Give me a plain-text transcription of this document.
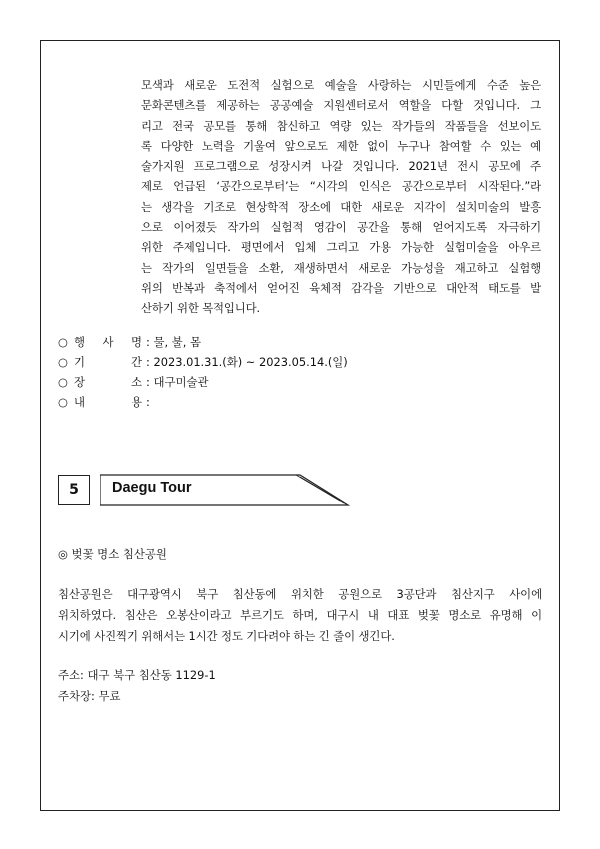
모색과 새로운 도전적 실험으로 예술을 사랑하는 시민들에게 수준 높은
문화콘텐츠를 제공하는 공공예술 지원센터로서 역할을 다할 것입니다. 그
리고 전국 공모를 통해 참신하고 역량 있는 작가들의 작품들을 선보이도
록 다양한 노력을 기울여 앞으로도 제한 없이 누구나 참여할 수 있는 예
술가지원 프로그램으로 성장시켜 나갈 것입니다. 2021년 전시 공모에 주
제로 언급된 ‘공간으로부터’는 “시각의 인식은 공간으로부터 시작된다.”라
는 생각을 기조로 현상학적 장소에 대한 새로운 지각이 설치미술의 발흥
으로 이어졌듯 작가의 실험적 영감이 공간을 통해 얻어지도록 자극하기
위한 주제입니다. 평면에서 입체 그리고 가용 가능한 실험미술을 아우르
는 작가의 일면들을 소환, 재생하면서 새로운 가능성을 재고하고 실험행
위의 반복과 축적에서 얻어진 육체적 감각을 기반으로 대안적 태도를 발
산하기 위한 목적입니다.
○ 행 사 명 : 물, 불, 몸
○ 기	간 : 2023.01.31.(화) ~ 2023.05.14.(일)
○ 장	소 : 대구미술관
○ 내	용 :
5	Daegu Tour
◎ 벚꽃 명소 침산공원
침산공원은 대구광역시 북구 침산동에 위치한 공원으로 3공단과 침산지구 사이에
위치하였다. 침산은 오봉산이라고 부르기도 하며, 대구시 내 대표 벚꽃 명소로 유명해 이
시기에 사진찍기 위해서는 1시간 정도 기다려야 하는 긴 줄이 생긴다.
주소: 대구 북구 침산동 1129-1
주차장: 무료
